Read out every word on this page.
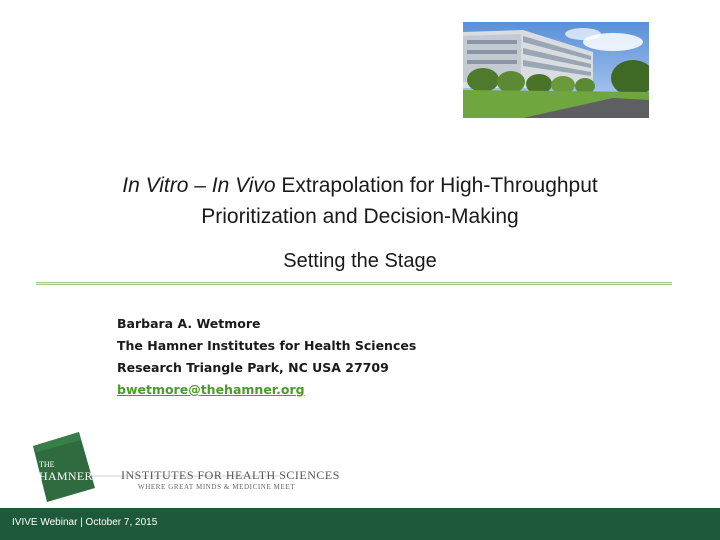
In Vitro – In Vivo Extrapolation for High-Throughput
Prioritization and Decision-Making
Setting the Stage
Barbara A. Wetmore
The Hamner Institutes for Health Sciences
Research Triangle Park, NC USA 27709
bwetmore@thehamner.org
THE
HAMNER INSTITUTES FOR HEALTH SCIENCES
WHERE GREAT MINDS & MEDICINE MEET
IVIVE Webinar | October 7, 2015
